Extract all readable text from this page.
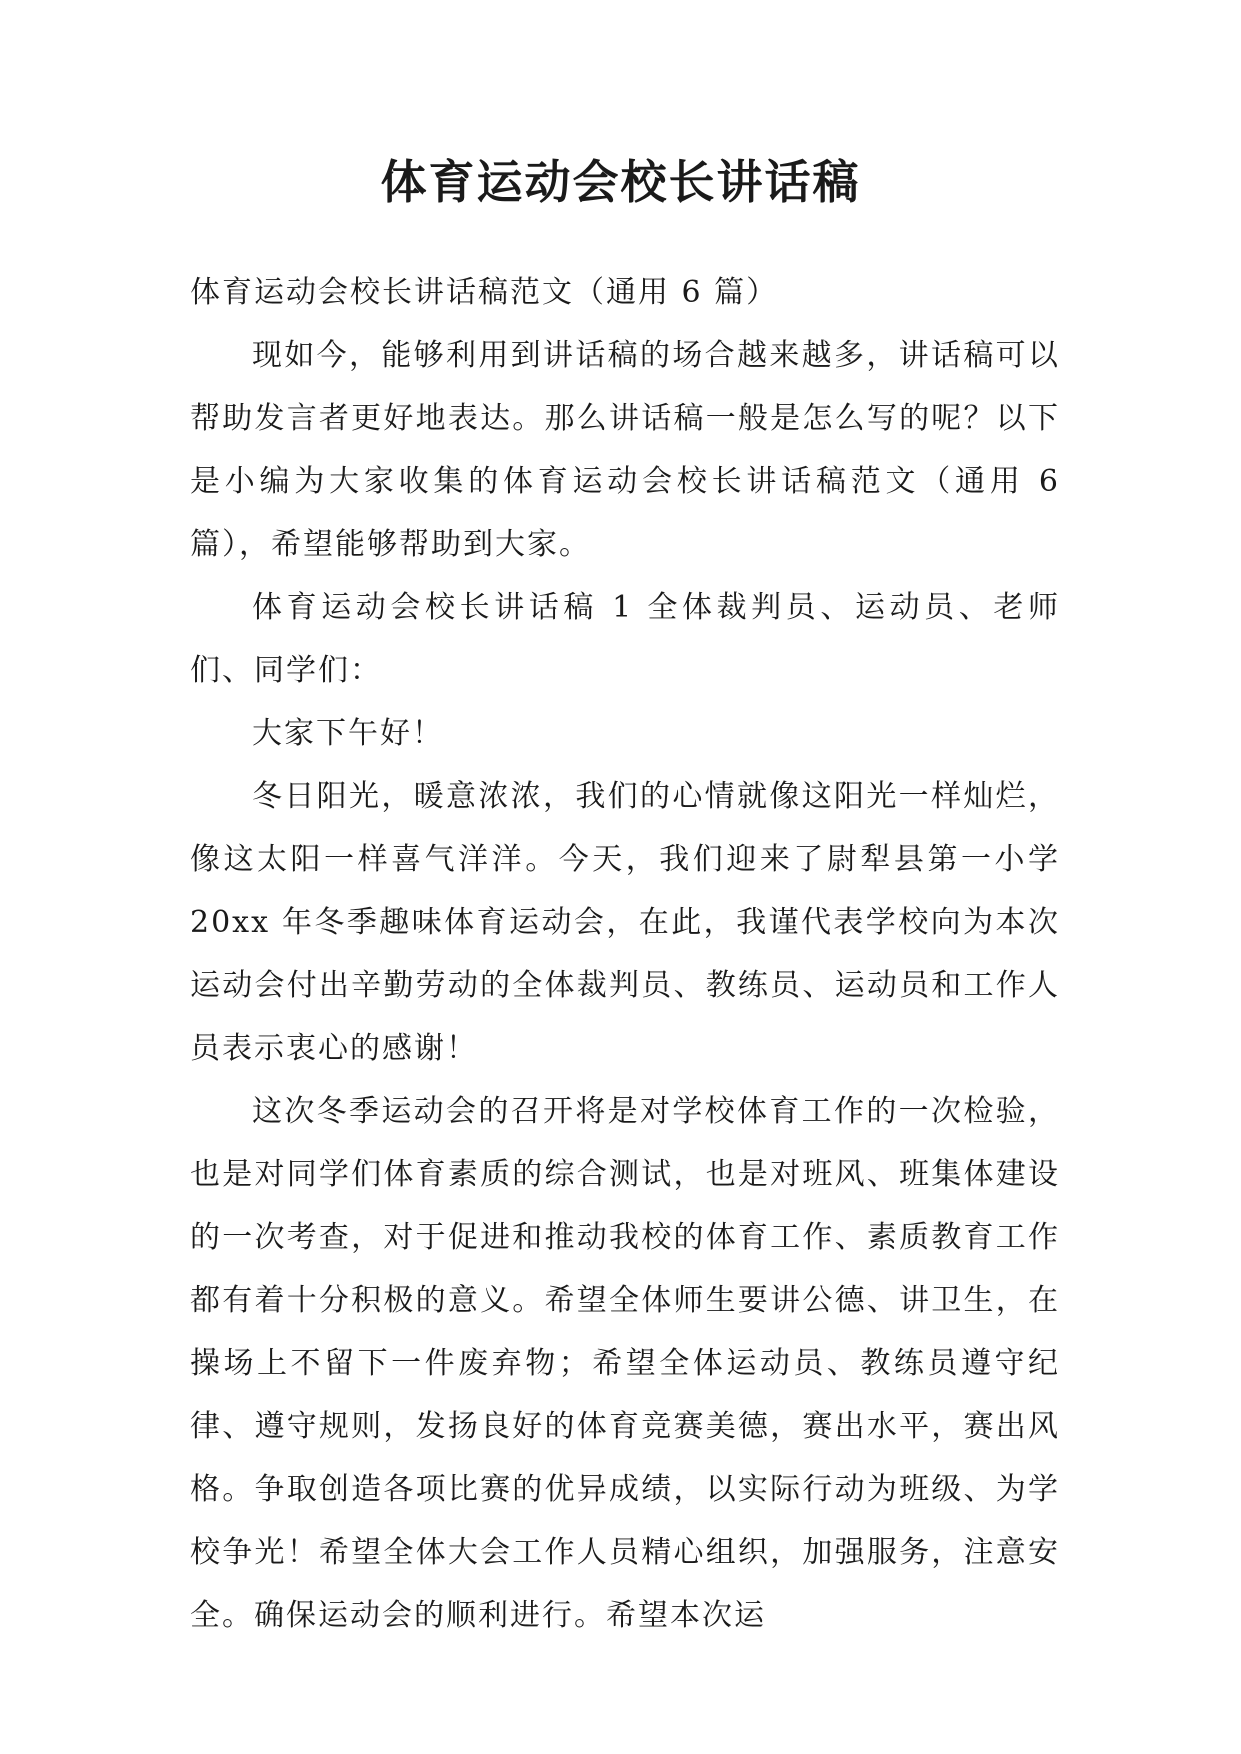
体育运动会校长讲话稿

体育运动会校长讲话稿范文（通用 6 篇）

现如今，能够利用到讲话稿的场合越来越多，讲话稿可以帮助发言者更好地表达。那么讲话稿一般是怎么写的呢？以下是小编为大家收集的体育运动会校长讲话稿范文（通用 6 篇），希望能够帮助到大家。

体育运动会校长讲话稿 1 全体裁判员、运动员、老师们、同学们：

大家下午好！

冬日阳光，暖意浓浓，我们的心情就像这阳光一样灿烂，像这太阳一样喜气洋洋。今天，我们迎来了尉犁县第一小学 20xx 年冬季趣味体育运动会，在此，我谨代表学校向为本次运动会付出辛勤劳动的全体裁判员、教练员、运动员和工作人员表示衷心的感谢！

这次冬季运动会的召开将是对学校体育工作的一次检验，也是对同学们体育素质的综合测试，也是对班风、班集体建设的一次考查，对于促进和推动我校的体育工作、素质教育工作都有着十分积极的意义。希望全体师生要讲公德、讲卫生，在操场上不留下一件废弃物；希望全体运动员、教练员遵守纪律、遵守规则，发扬良好的体育竞赛美德，赛出水平，赛出风格。争取创造各项比赛的优异成绩，以实际行动为班级、为学校争光！希望全体大会工作人员精心组织，加强服务，注意安全。确保运动会的顺利进行。希望本次运
